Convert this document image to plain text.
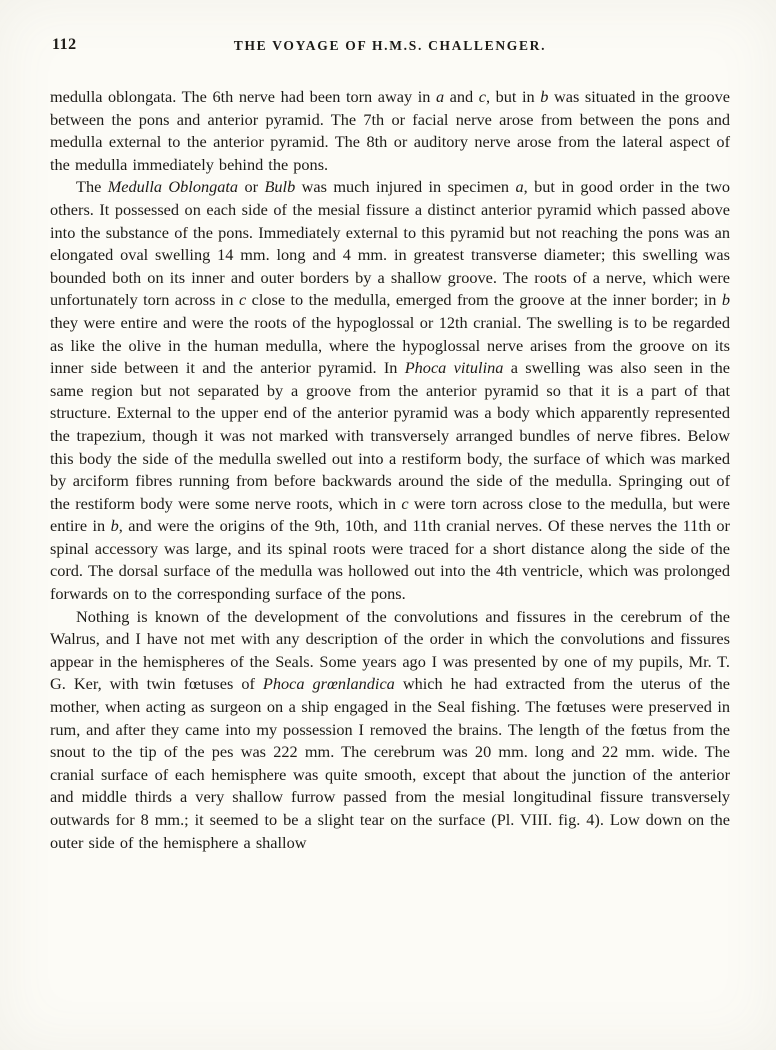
112	THE VOYAGE OF H.M.S. CHALLENGER.

medulla oblongata. The 6th nerve had been torn away in a and c, but in b was situated in the groove between the pons and anterior pyramid. The 7th or facial nerve arose from between the pons and medulla external to the anterior pyramid. The 8th or auditory nerve arose from the lateral aspect of the medulla immediately behind the pons.

The Medulla Oblongata or Bulb was much injured in specimen a, but in good order in the two others. It possessed on each side of the mesial fissure a distinct anterior pyramid which passed above into the substance of the pons. Immediately external to this pyramid but not reaching the pons was an elongated oval swelling 14 mm. long and 4 mm. in greatest transverse diameter; this swelling was bounded both on its inner and outer borders by a shallow groove. The roots of a nerve, which were unfortunately torn across in c close to the medulla, emerged from the groove at the inner border; in b they were entire and were the roots of the hypoglossal or 12th cranial. The swelling is to be regarded as like the olive in the human medulla, where the hypoglossal nerve arises from the groove on its inner side between it and the anterior pyramid. In Phoca vitulina a swelling was also seen in the same region but not separated by a groove from the anterior pyramid so that it is a part of that structure. External to the upper end of the anterior pyramid was a body which apparently represented the trapezium, though it was not marked with transversely arranged bundles of nerve fibres. Below this body the side of the medulla swelled out into a restiform body, the surface of which was marked by arciform fibres running from before backwards around the side of the medulla. Springing out of the restiform body were some nerve roots, which in c were torn across close to the medulla, but were entire in b, and were the origins of the 9th, 10th, and 11th cranial nerves. Of these nerves the 11th or spinal accessory was large, and its spinal roots were traced for a short distance along the side of the cord. The dorsal surface of the medulla was hollowed out into the 4th ventricle, which was prolonged forwards on to the corresponding surface of the pons.

Nothing is known of the development of the convolutions and fissures in the cerebrum of the Walrus, and I have not met with any description of the order in which the convolutions and fissures appear in the hemispheres of the Seals. Some years ago I was presented by one of my pupils, Mr. T. G. Ker, with twin fœtuses of Phoca grœnlandica which he had extracted from the uterus of the mother, when acting as surgeon on a ship engaged in the Seal fishing. The fœtuses were preserved in rum, and after they came into my possession I removed the brains. The length of the fœtus from the snout to the tip of the pes was 222 mm. The cerebrum was 20 mm. long and 22 mm. wide. The cranial surface of each hemisphere was quite smooth, except that about the junction of the anterior and middle thirds a very shallow furrow passed from the mesial longitudinal fissure transversely outwards for 8 mm.; it seemed to be a slight tear on the surface (Pl. VIII. fig. 4). Low down on the outer side of the hemisphere a shallow
